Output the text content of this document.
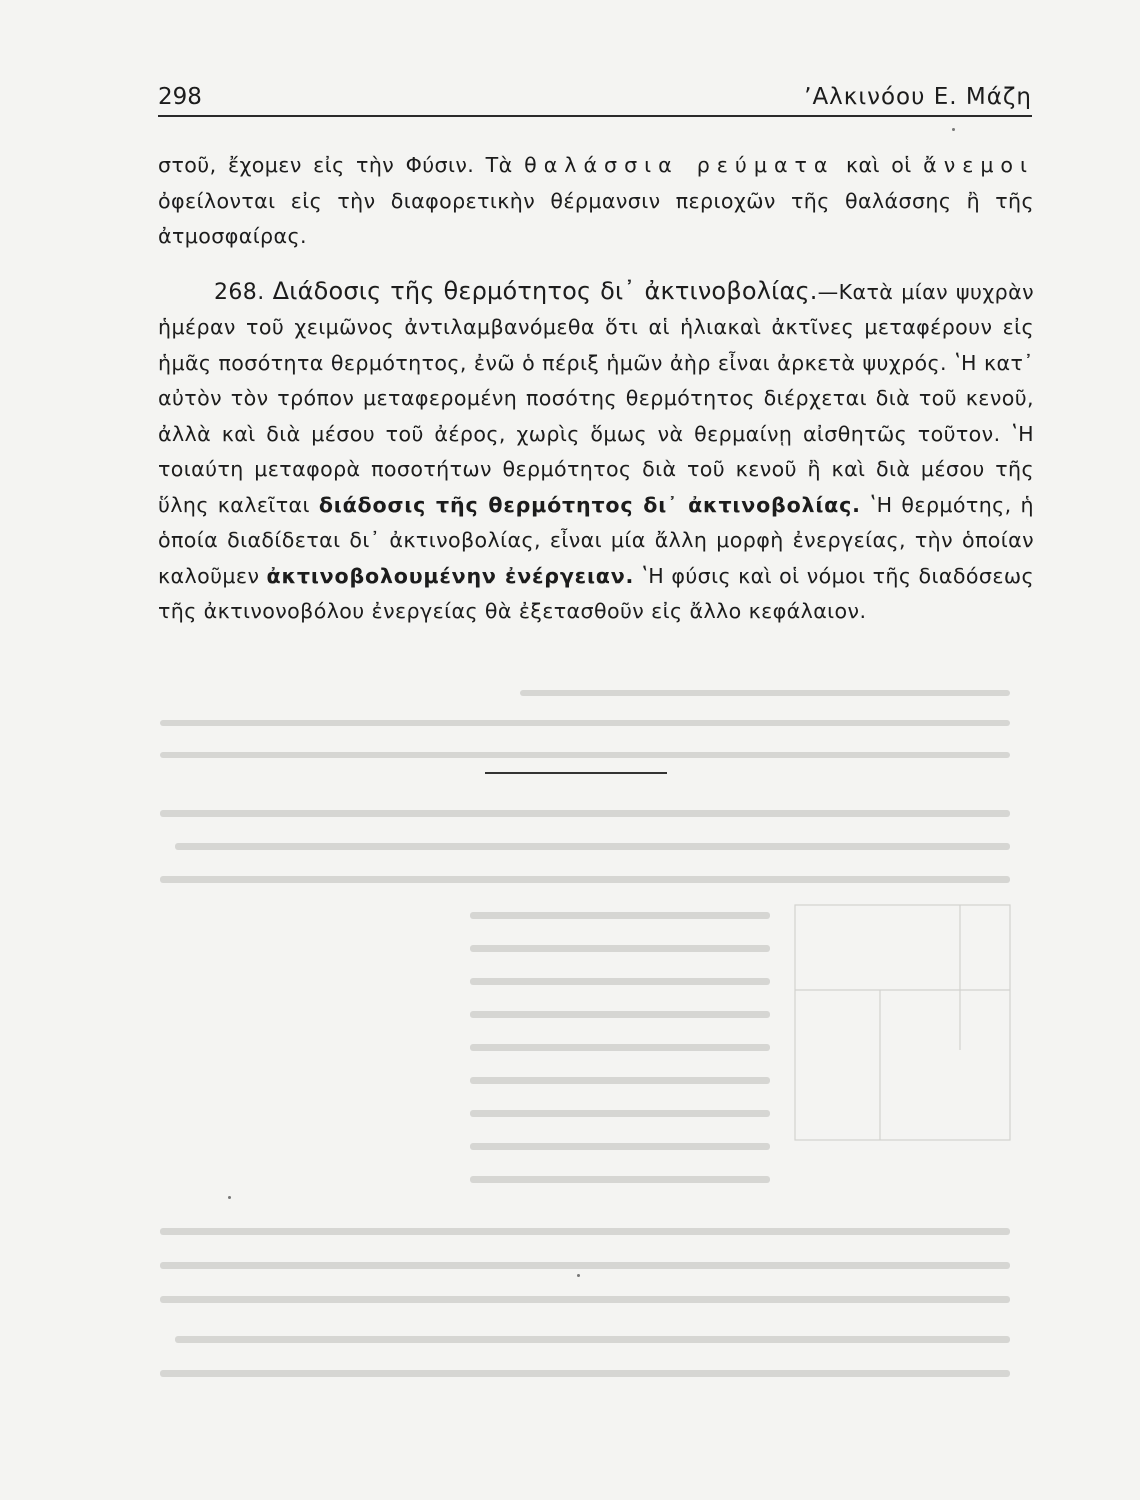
298	ʼΑλκινόου Ε. Μάζη

στοῦ, ἔχομεν εἰς τὴν Φύσιν. Τὰ θαλάσσια ρεύματα καὶ οἱ ἄνεμοι ὀφείλονται εἰς τὴν διαφορετικὴν θέρμανσιν περιοχῶν τῆς θαλάσσης ἢ τῆς ἀτμοσφαίρας.

268. Διάδοσις τῆς θερμότητος δι᾿ ἀκτινοβολίας.—Κατὰ μίαν ψυχρὰν ἡμέραν τοῦ χειμῶνος ἀντιλαμβανόμεθα ὅτι αἱ ἡλιακαὶ ἀκτῖνες μεταφέρουν εἰς ἡμᾶς ποσότητα θερμότητος, ἐνῶ ὁ πέριξ ἡμῶν ἀὴρ εἶναι ἀρκετὰ ψυχρός. ʽΗ κατ᾿ αὐτὸν τὸν τρόπον μεταφερομένη ποσότης θερμότητος διέρχεται διὰ τοῦ κενοῦ, ἀλλὰ καὶ διὰ μέσου τοῦ ἀέρος, χωρὶς ὅμως νὰ θερμαίνῃ αἰσθητῶς τοῦτον. ʽΗ τοιαύτη μεταφορὰ ποσοτήτων θερμότητος διὰ τοῦ κενοῦ ἢ καὶ διὰ μέσου τῆς ὕλης καλεῖται διάδοσις τῆς θερμότητος δι᾿ ἀκτινοβολίας. ʽΗ θερμότης, ἡ ὁποία διαδίδεται δι᾿ ἀκτινοβολίας, εἶναι μία ἄλλη μορφὴ ἐνεργείας, τὴν ὁποίαν καλοῦμεν ἀκτινοβολουμένην ἐνέργειαν. ʽΗ φύσις καὶ οἱ νόμοι τῆς διαδόσεως τῆς ἀκτινονοβόλου ἐνεργείας θὰ ἐξετασθοῦν εἰς ἄλλο κεφάλαιον.
